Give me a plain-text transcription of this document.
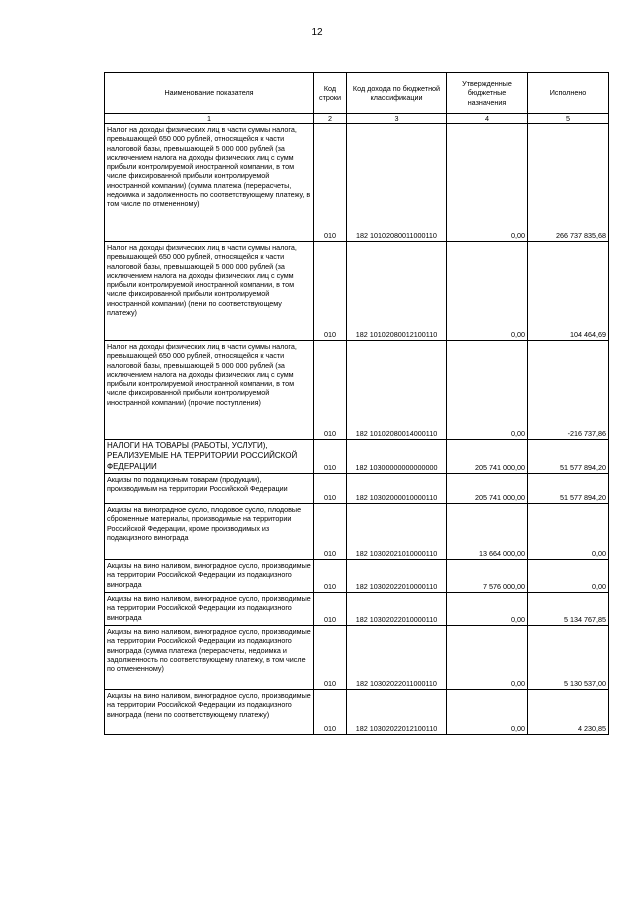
12
Наименование показателя	Код строки	Код дохода по бюджетной классификации	Утвержденные бюджетные назначения	Исполнено
1	2	3	4	5
Налог на доходы физических лиц в части суммы налога, превышающей 650 000 рублей, относящейся к части налоговой базы, превышающей 5 000 000 рублей (за исключением налога на доходы физических лиц с сумм прибыли контролируемой иностранной компании, в том числе фиксированной прибыли контролируемой иностранной компании) (сумма платежа (перерасчеты, недоимка и задолженность по соответствующему платежу, в том числе по отмененному)	010	182 10102080011000110	0,00	266 737 835,68
Налог на доходы физических лиц в части суммы налога, превышающей 650 000 рублей, относящейся к части налоговой базы, превышающей 5 000 000 рублей (за исключением налога на доходы физических лиц с сумм прибыли контролируемой иностранной компании, в том числе фиксированной прибыли контролируемой иностранной компании) (пени по соответствующему платежу)	010	182 10102080012100110	0,00	104 464,69
Налог на доходы физических лиц в части суммы налога, превышающей 650 000 рублей, относящейся к части налоговой базы, превышающей 5 000 000 рублей (за исключением налога на доходы физических лиц с сумм прибыли контролируемой иностранной компании, в том числе фиксированной прибыли контролируемой иностранной компании) (прочие поступления)	010	182 10102080014000110	0,00	-216 737,86
НАЛОГИ НА ТОВАРЫ (РАБОТЫ, УСЛУГИ), РЕАЛИЗУЕМЫЕ НА ТЕРРИТОРИИ РОССИЙСКОЙ ФЕДЕРАЦИИ	010	182 10300000000000000	205 741 000,00	51 577 894,20
Акцизы по подакцизным товарам (продукции), производимым на территории Российской Федерации	010	182 10302000010000110	205 741 000,00	51 577 894,20
Акцизы на виноградное сусло, плодовое сусло, плодовые сброженные материалы, производимые на территории Российской Федерации, кроме производимых из подакцизного винограда	010	182 10302021010000110	13 664 000,00	0,00
Акцизы на вино наливом, виноградное сусло, производимые на территории Российской Федерации из подакцизного винограда	010	182 10302022010000110	7 576 000,00	0,00
Акцизы на вино наливом, виноградное сусло, производимые на территории Российской Федерации из подакцизного винограда	010	182 10302022010000110	0,00	5 134 767,85
Акцизы на вино наливом, виноградное сусло, производимые на территории Российской Федерации из подакцизного винограда (сумма платежа (перерасчеты, недоимка и задолженность по соответствующему платежу, в том числе по отмененному)	010	182 10302022011000110	0,00	5 130 537,00
Акцизы на вино наливом, виноградное сусло, производимые на территории Российской Федерации из подакцизного винограда (пени по соответствующему платежу)	010	182 10302022012100110	0,00	4 230,85
